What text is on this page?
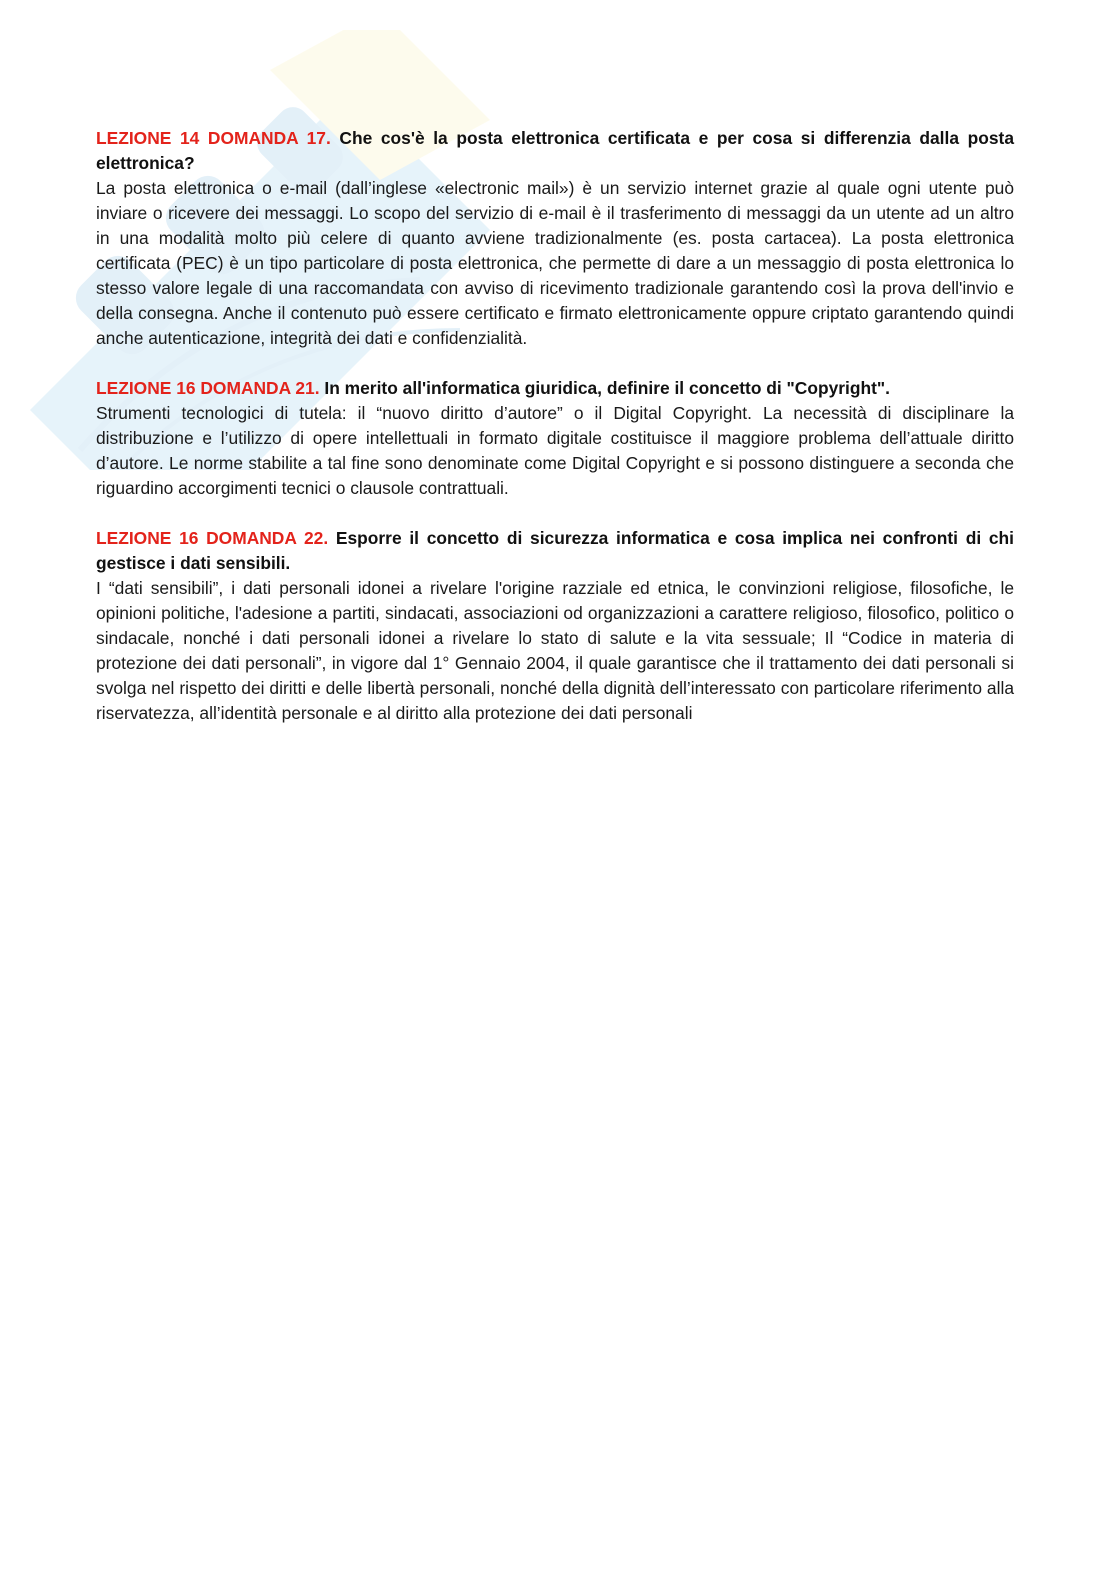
LEZIONE 14 DOMANDA 17. Che cos'è la posta elettronica certificata e per cosa si differenzia dalla posta elettronica?

La posta elettronica o e-mail (dall’inglese «electronic mail») è un servizio internet grazie al quale ogni utente può inviare o ricevere dei messaggi. Lo scopo del servizio di e-mail è il trasferimento di messaggi da un utente ad un altro in una modalità molto più celere di quanto avviene tradizionalmente (es. posta cartacea). La posta elettronica certificata (PEC) è un tipo particolare di posta elettronica, che permette di dare a un messaggio di posta elettronica lo stesso valore legale di una raccomandata con avviso di ricevimento tradizionale garantendo così la prova dell'invio e della consegna. Anche il contenuto può essere certificato e firmato elettronicamente oppure criptato garantendo quindi anche autenticazione, integrità dei dati e confidenzialità.

LEZIONE 16 DOMANDA 21. In merito all'informatica giuridica, definire il concetto di "Copyright".

Strumenti tecnologici di tutela: il “nuovo diritto d’autore” o il Digital Copyright. La necessità di disciplinare la distribuzione e l’utilizzo di opere intellettuali in formato digitale costituisce il maggiore problema dell’attuale diritto d’autore. Le norme stabilite a tal fine sono denominate come Digital Copyright e si possono distinguere a seconda che riguardino accorgimenti tecnici o clausole contrattuali.

LEZIONE 16 DOMANDA 22. Esporre il concetto di sicurezza informatica e cosa implica nei confronti di chi gestisce i dati sensibili.

I “dati sensibili”, i dati personali idonei a rivelare l'origine razziale ed etnica, le convinzioni religiose, filosofiche, le opinioni politiche, l'adesione a partiti, sindacati, associazioni od organizzazioni a carattere religioso, filosofico, politico o sindacale, nonché i dati personali idonei a rivelare lo stato di salute e la vita sessuale; Il “Codice in materia di protezione dei dati personali”, in vigore dal 1° Gennaio 2004, il quale garantisce che il trattamento dei dati personali si svolga nel rispetto dei diritti e delle libertà personali, nonché della dignità dell’interessato con particolare riferimento alla riservatezza, all’identità personale e al diritto alla protezione dei dati personali
